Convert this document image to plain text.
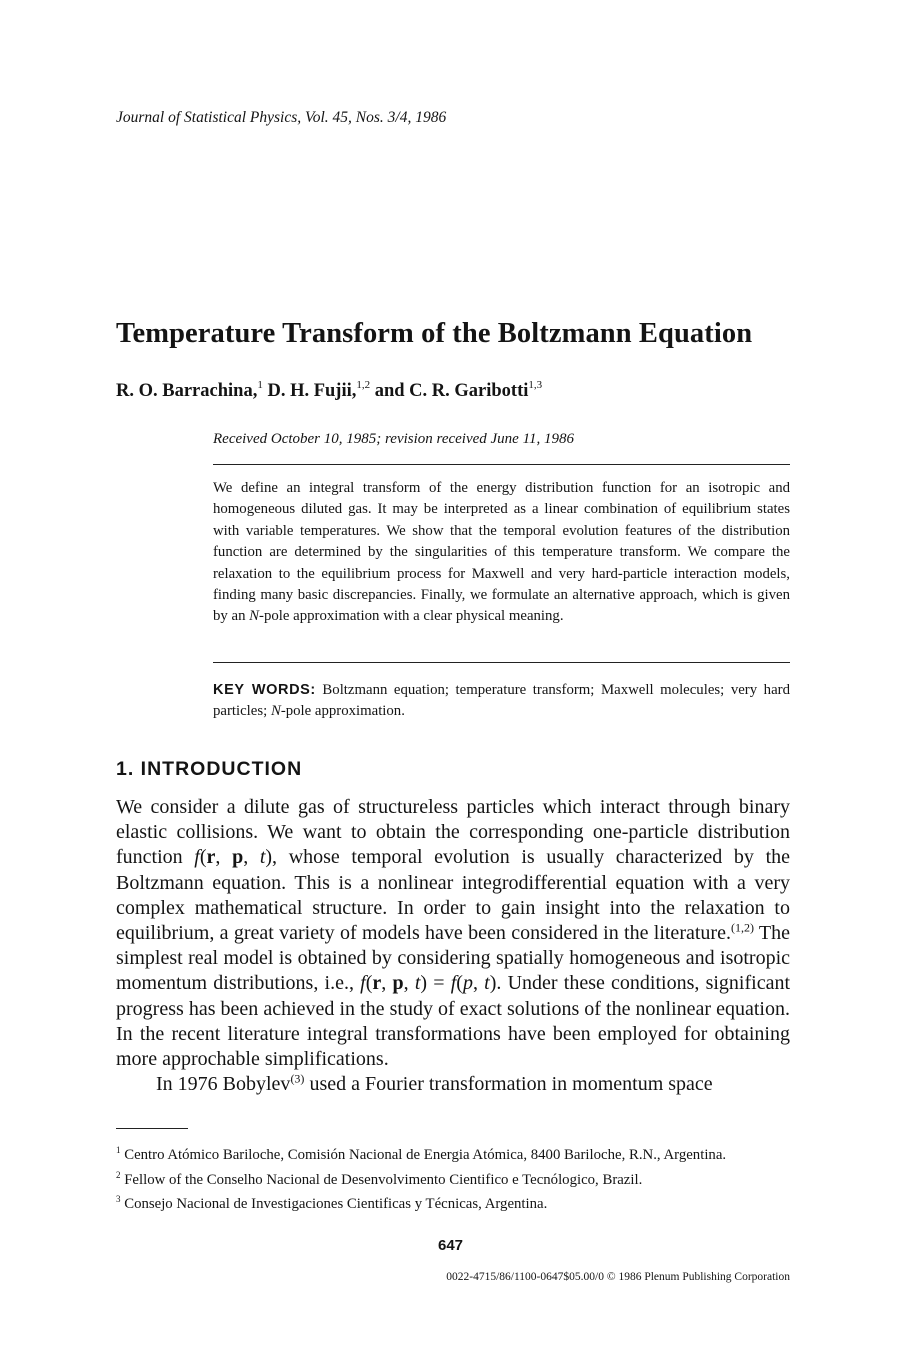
Journal of Statistical Physics, Vol. 45, Nos. 3/4, 1986
Temperature Transform of the Boltzmann Equation
R. O. Barrachina,$^1$ D. H. Fujii,$^{1,2}$ and C. R. Garibotti$^{1,3}$
Received October 10, 1985; revision received June 11, 1986
We define an integral transform of the energy distribution function for an isotropic and homogeneous diluted gas. It may be interpreted as a linear combination of equilibrium states with variable temperatures. We show that the temporal evolution features of the distribution function are determined by the singularities of this temperature transform. We compare the relaxation to the equilibrium process for Maxwell and very hard-particle interaction models, finding many basic discrepancies. Finally, we formulate an alternative approach, which is given by an N-pole approximation with a clear physical meaning.
KEY WORDS: Boltzmann equation; temperature transform; Maxwell molecules; very hard particles; N-pole approximation.
1. INTRODUCTION

We consider a dilute gas of structureless particles which interact through binary elastic collisions. We want to obtain the corresponding one-particle distribution function f(r, p, t), whose temporal evolution is usually characterized by the Boltzmann equation. This is a nonlinear integrodifferential equation with a very complex mathematical structure. In order to gain insight into the relaxation to equilibrium, a great variety of models have been considered in the literature.$^{(1,2)}$ The simplest real model is obtained by considering spatially homogeneous and isotropic momentum distributions, i.e., f(r, p, t) = f(p, t). Under these conditions, significant progress has been achieved in the study of exact solutions of the nonlinear equation. In the recent literature integral transformations have been employed for obtaining more approchable simplifications.

In 1976 Bobylev$^{(3)}$ used a Fourier transformation in momentum space

$^1$ Centro Atómico Bariloche, Comisión Nacional de Energia Atómica, 8400 Bariloche, R.N., Argentina.
$^2$ Fellow of the Conselho Nacional de Desenvolvimento Cientifico e Tecnólogico, Brazil.
$^3$ Consejo Nacional de Investigaciones Cientificas y Técnicas, Argentina.
647
0022-4715/86/1100-0647$05.00/0 © 1986 Plenum Publishing Corporation
